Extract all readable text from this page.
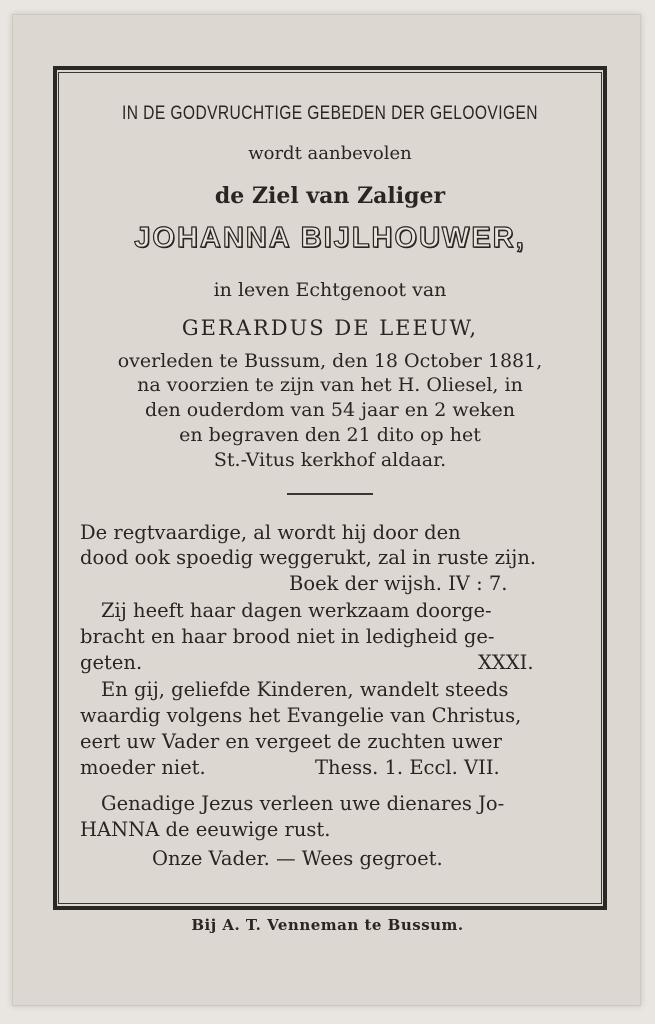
IN DE GODVRUCHTIGE GEBEDEN DER GELOOVIGEN
wordt aanbevolen
de Ziel van Zaliger
JOHANNA BIJLHOUWER,
in leven Echtgenoot van
GERARDUS DE LEEUW,
overleden te Bussum, den 18 October 1881,
na voorzien te zijn van het H. Oliesel, in
den ouderdom van 54 jaar en 2 weken
en begraven den 21 dito op het
St.-Vitus kerkhof aldaar.
De regtvaardige, al wordt hij door den
dood ook spoedig weggerukt, zal in ruste zijn.
Boek der wijsh. IV : 7.
Zij heeft haar dagen werkzaam doorge-
bracht en haar brood niet in ledigheid ge-
geten.	XXXI.
En gij, geliefde Kinderen, wandelt steeds
waardig volgens het Evangelie van Christus,
eert uw Vader en vergeet de zuchten uwer
moeder niet.	Thess. 1. Eccl. VII.
Genadige Jezus verleen uwe dienares Jo-
HANNA de eeuwige rust.
Onze Vader. — Wees gegroet.
Bij A. T. Venneman te Bussum.
